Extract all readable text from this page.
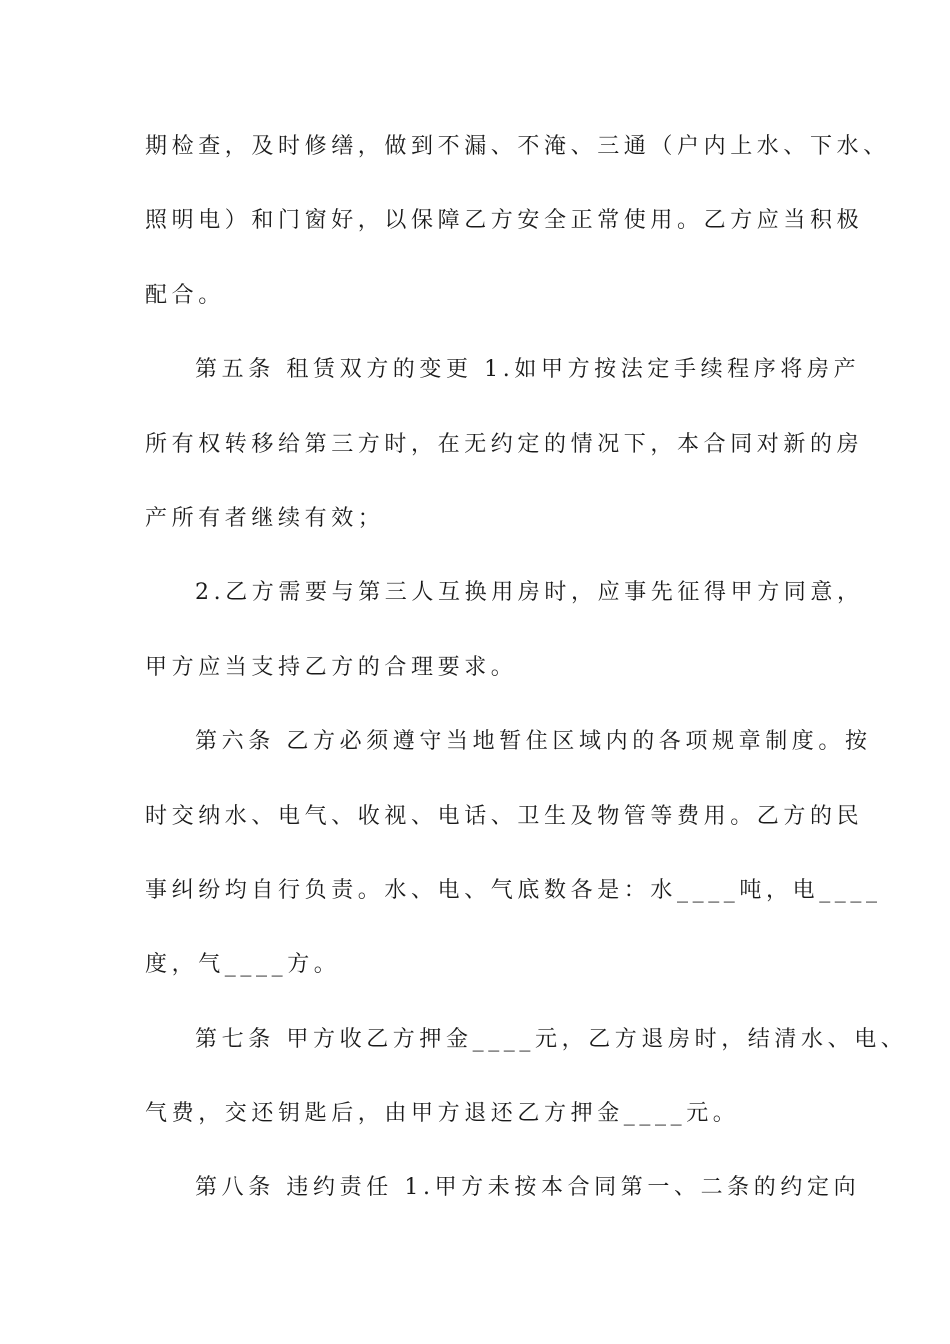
期检查，及时修缮，做到不漏、不淹、三通（户内上水、下水、
照明电）和门窗好，以保障乙方安全正常使用。乙方应当积极
配合。
第五条 租赁双方的变更 1.如甲方按法定手续程序将房产
所有权转移给第三方时，在无约定的情况下，本合同对新的房
产所有者继续有效；
2.乙方需要与第三人互换用房时，应事先征得甲方同意，
甲方应当支持乙方的合理要求。
第六条 乙方必须遵守当地暂住区域内的各项规章制度。按
时交纳水、电气、收视、电话、卫生及物管等费用。乙方的民
事纠纷均自行负责。水、电、气底数各是：水____吨，电____
度，气____方。
第七条 甲方收乙方押金____元，乙方退房时，结清水、电、
气费，交还钥匙后，由甲方退还乙方押金____元。
第八条 违约责任 1.甲方未按本合同第一、二条的约定向
